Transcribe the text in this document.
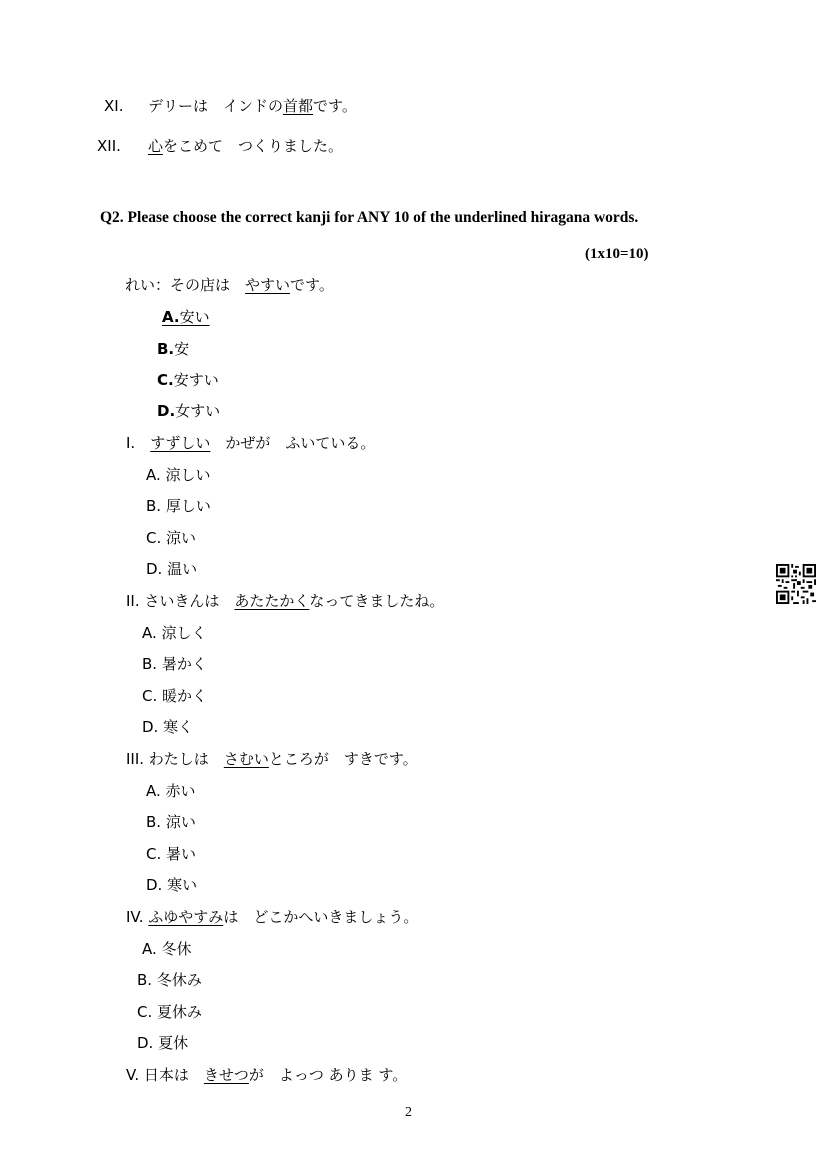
XI. デリーは　インドの首都です。
XII. 心をこめて　つくりました。
Q2. Please choose the correct kanji for ANY 10 of the underlined hiragana words.
(1x10=10)
れい：その店は　やすいです。
A.安い
B.安
C.安すい
D.女すい
I.　すずしい　かぜが　ふいている。
A. 涼しい
B. 厚しい
C. 涼い
D. 温い
II. さいきんは　あたたかくなってきましたね。
A. 涼しく
B. 暑かく
C. 暖かく
D. 寒く
III. わたしは　さむいところが　すきです。
A. 赤い
B. 涼い
C. 暑い
D. 寒い
IV. ふゆやすみは　どこかへいきましょう。
A. 冬休
B. 冬休み
C. 夏休み
D. 夏休
V. 日本は　きせつが　よっつ ありま す。
2
